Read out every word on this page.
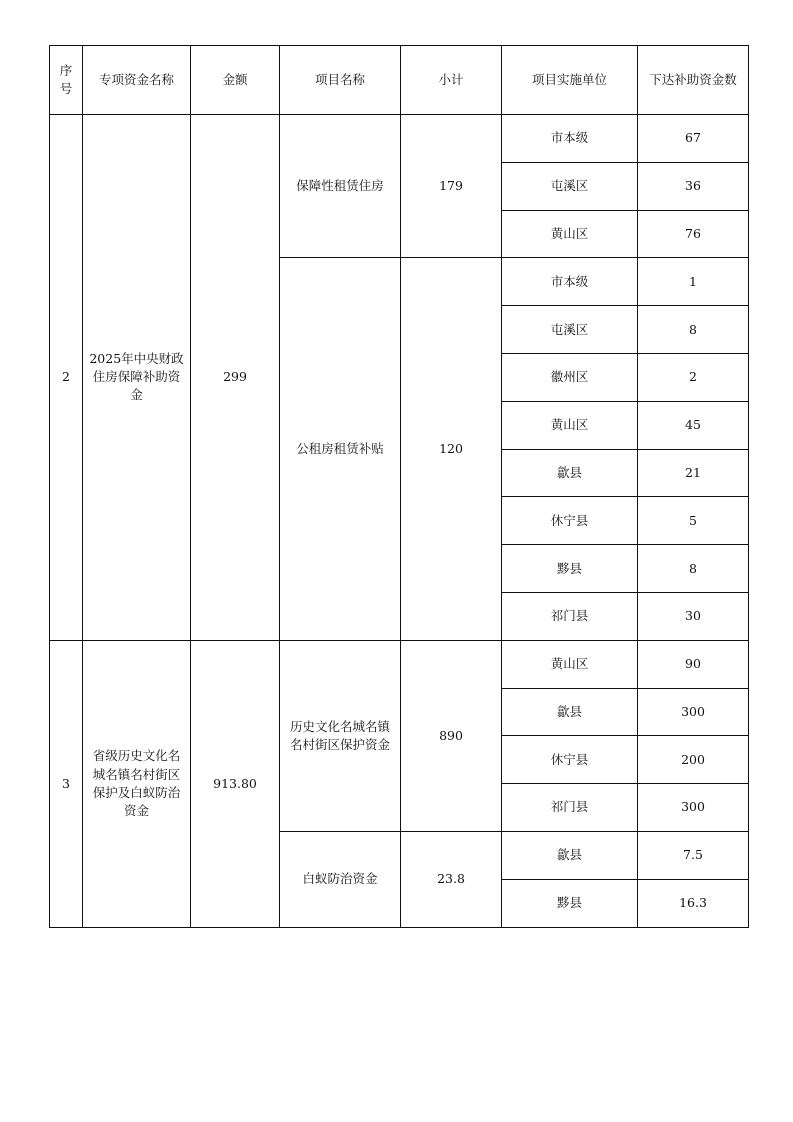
序号	专项资金名称	金额	项目名称	小计	项目实施单位	下达补助资金数
2	2025年中央财政住房保障补助资金	299	保障性租赁住房	179	市本级	67
					屯溪区	36
					黄山区	76
			公租房租赁补贴	120	市本级	1
					屯溪区	8
					徽州区	2
					黄山区	45
					歙县	21
					休宁县	5
					黟县	8
					祁门县	30
3	省级历史文化名城名镇名村街区保护及白蚁防治资金	913.80	历史文化名城名镇名村街区保护资金	890	黄山区	90
					歙县	300
					休宁县	200
					祁门县	300
			白蚁防治资金	23.8	歙县	7.5
					黟县	16.3
